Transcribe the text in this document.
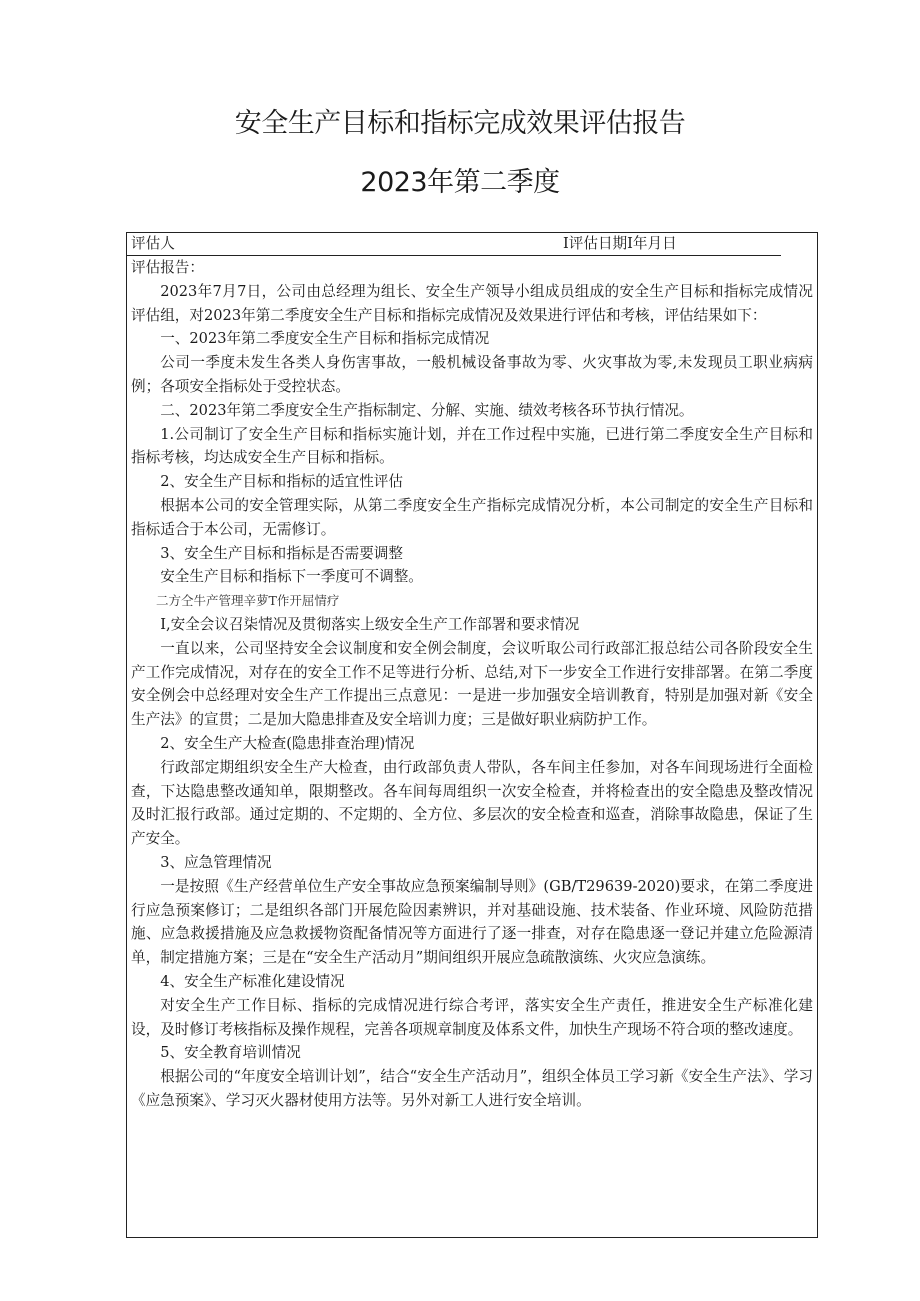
安全生产目标和指标完成效果评估报告
2023年第二季度
评估人	I评估日期I年月日

评估报告：

2023年7月7日，公司由总经理为组长、安全生产领导小组成员组成的安全生产目标和指标完成情况评估组，对2023年第二季度安全生产目标和指标完成情况及效果进行评估和考核，评估结果如下：

一、2023年第二季度安全生产目标和指标完成情况

公司一季度未发生各类人身伤害事故，一般机械设备事故为零、火灾事故为零,未发现员工职业病病例；各项安全指标处于受控状态。

二、2023年第二季度安全生产指标制定、分解、实施、绩效考核各环节执行情况。

1.公司制订了安全生产目标和指标实施计划，并在工作过程中实施，已进行第二季度安全生产目标和指标考核，均达成安全生产目标和指标。

2、安全生产目标和指标的适宜性评估

根据本公司的安全管理实际，从第二季度安全生产指标完成情况分析，本公司制定的安全生产目标和指标适合于本公司，无需修订。

3、安全生产目标和指标是否需要调整

安全生产目标和指标下一季度可不调整。

二方仝牛产管理辛萝T作开屈情疗

I,安全会议召柒情况及贯彻落实上级安全生产工作部署和要求情况

一直以来，公司坚持安全会议制度和安全例会制度，会议听取公司行政部汇报总结公司各阶段安全生产工作完成情况，对存在的安全工作不足等进行分析、总结,对下一步安全工作进行安排部署。在第二季度安全例会中总经理对安全生产工作提出三点意见：一是进一步加强安全培训教育，特别是加强对新《安全生产法》的宣贯；二是加大隐患排查及安全培训力度；三是做好职业病防护工作。

2、安全生产大检查(隐患排查治理)情况

行政部定期组织安全生产大检查，由行政部负责人带队，各车间主任参加，对各车间现场进行全面检查，下达隐患整改通知单，限期整改。各车间每周组织一次安全检查，并将检查出的安全隐患及整改情况及时汇报行政部。通过定期的、不定期的、全方位、多层次的安全检查和巡查，消除事故隐患，保证了生产安全。

3、应急管理情况

一是按照《生产经营单位生产安全事故应急预案编制导则》(GB/T29639-2020)要求，在第二季度进行应急预案修订；二是组织各部门开展危险因素辨识，并对基础设施、技术装备、作业环境、风险防范措施、应急救援措施及应急救援物资配备情况等方面进行了逐一排查，对存在隐患逐一登记并建立危险源清单，制定措施方案；三是在“安全生产活动月”期间组织开展应急疏散演练、火灾应急演练。

4、安全生产标准化建设情况

对安全生产工作目标、指标的完成情况进行综合考评，落实安全生产责任，推进安全生产标准化建设，及时修订考核指标及操作规程，完善各项规章制度及体系文件，加快生产现场不符合项的整改速度。

5、安全教育培训情况

根据公司的“年度安全培训计划”，结合“安全生产活动月”，组织全体员工学习新《安全生产法》、学习《应急预案》、学习灭火器材使用方法等。另外对新工人进行安全培训。
